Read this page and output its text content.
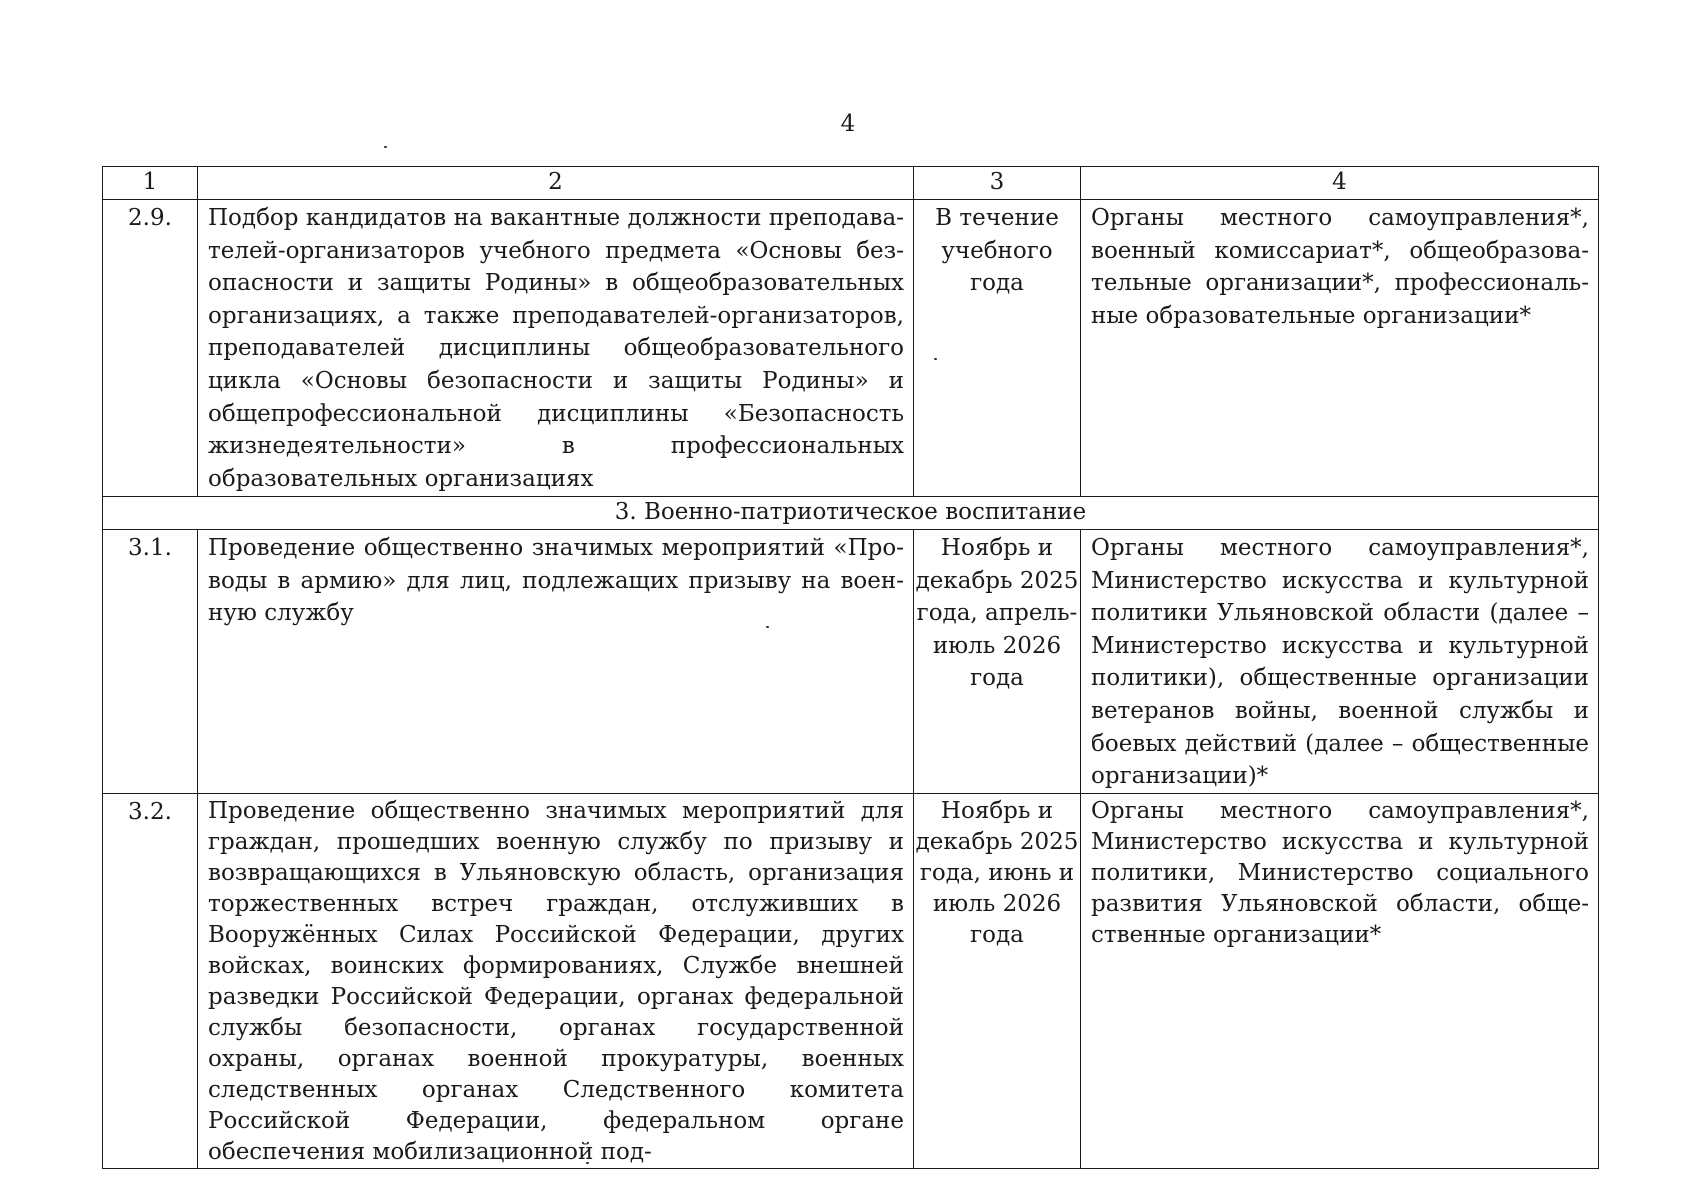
4
1	2	3	4
2.9.	Подбор кандидатов на вакантные должности преподавателей-организаторов учебного предмета «Основы безопасности и защиты Родины» в общеобразовательных организациях, а также преподавателей-организаторов, преподавателей дисциплины общеобразовательного цикла «Основы безопасности и защиты Родины» и общепрофессиональной дисциплины «Безопасность жизнедеятельности» в профессиональных образовательных организациях	В течение учебного года	Органы местного самоуправления*, военный комиссариат*, общеобразовательные организации*, профессиональные образовательные организации*
3. Военно-патриотическое воспитание			
3.1.	Проведение общественно значимых мероприятий «Проводы в армию» для лиц, подлежащих призыву на военную службу	Ноябрь и декабрь 2025 года, апрель-июль 2026 года	Органы местного самоуправления*, Министерство искусства и культурной политики Ульяновской области (далее – Министерство искусства и культурной политики), общественные организации ветеранов войны, военной службы и боевых действий (далее – общественные организации)*
3.2.	Проведение общественно значимых мероприятий для граждан, прошедших военную службу по призыву и возвращающихся в Ульяновскую область, организация торжественных встреч граждан, отслуживших в Вооружённых Силах Российской Федерации, других войсках, воинских формированиях, Службе внешней разведки Российской Федерации, органах федеральной службы безопасности, органах государственной охраны, органах военной прокуратуры, военных следственных органах Следственного комитета Российской Федерации, федеральном органе обеспечения мобилизационной под-	Ноябрь и декабрь 2025 года, июнь и июль 2026 года	Органы местного самоуправления*, Министерство искусства и культурной политики, Министерство социального развития Ульяновской области, общественные организации*
